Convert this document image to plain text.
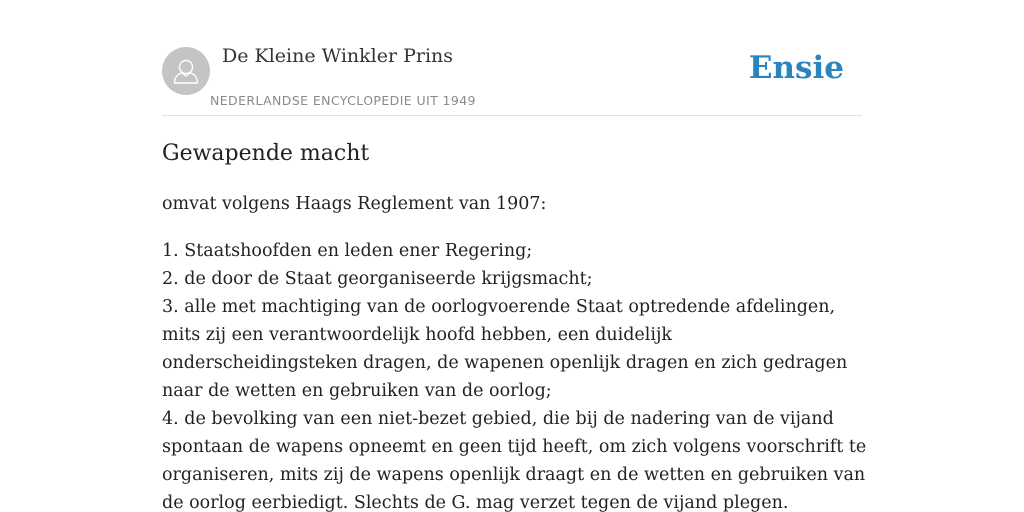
De Kleine Winkler Prins
NEDERLANDSE ENCYCLOPEDIE UIT 1949
Ensie
Gewapende macht

omvat volgens Haags Reglement van 1907:

1. Staatshoofden en leden ener Regering;
2. de door de Staat georganiseerde krijgsmacht;
3. alle met machtiging van de oorlogvoerende Staat optredende afdelingen, mits zij een verantwoordelijk hoofd hebben, een duidelijk onderscheidingsteken dragen, de wapenen openlijk dragen en zich gedragen naar de wetten en gebruiken van de oorlog;
4. de bevolking van een niet-bezet gebied, die bij de nadering van de vijand spontaan de wapens opneemt en geen tijd heeft, om zich volgens voorschrift te organiseren, mits zij de wapens openlijk draagt en de wetten en gebruiken van de oorlog eerbiedigt. Slechts de G. mag verzet tegen de vijand plegen.
